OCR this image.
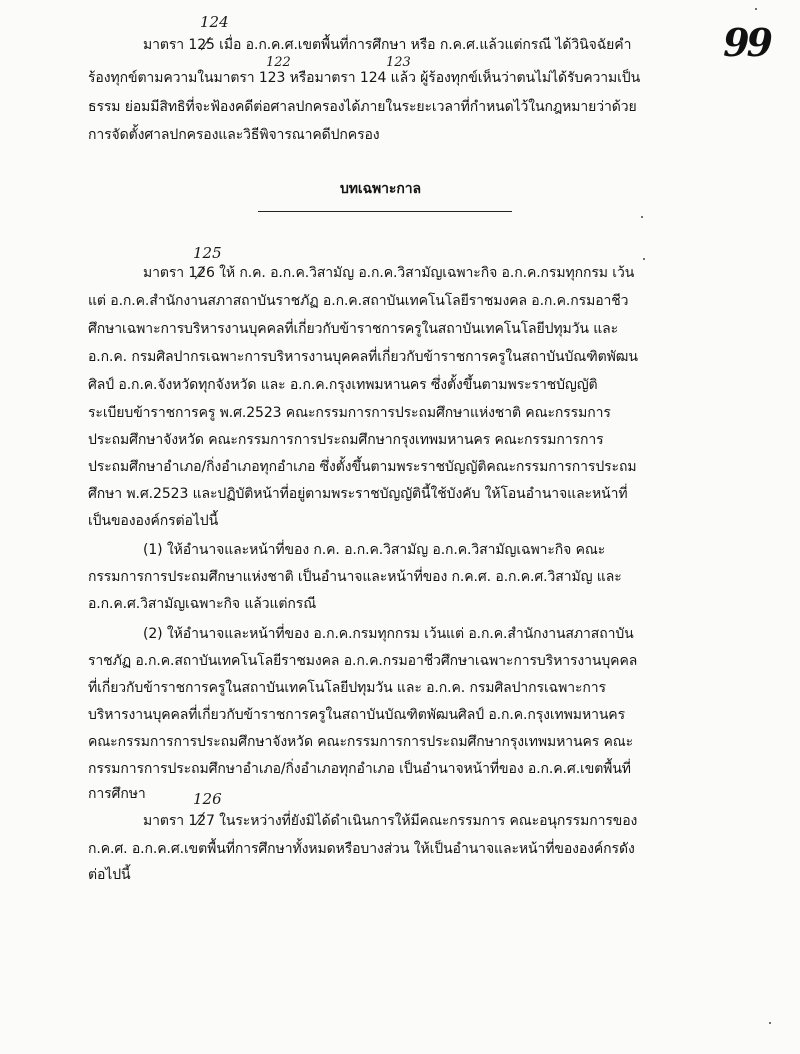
99
124
122	123
125
126
มาตรา 125 เมื่อ อ.ก.ค.ศ.เขตพื้นที่การศึกษา หรือ ก.ค.ศ.แล้วแต่กรณี ได้วินิจฉัยคำ
ร้องทุกข์ตามความในมาตรา 123 หรือมาตรา 124 แล้ว ผู้ร้องทุกข์เห็นว่าตนไม่ได้รับความเป็น
ธรรม ย่อมมีสิทธิที่จะฟ้องคดีต่อศาลปกครองได้ภายในระยะเวลาที่กำหนดไว้ในกฎหมายว่าด้วย
การจัดตั้งศาลปกครองและวิธีพิจารณาคดีปกครอง
บทเฉพาะกาล
มาตรา 126 ให้ ก.ค. อ.ก.ค.วิสามัญ อ.ก.ค.วิสามัญเฉพาะกิจ อ.ก.ค.กรมทุกกรม เว้น
แต่ อ.ก.ค.สำนักงานสภาสถาบันราชภัฏ อ.ก.ค.สถาบันเทคโนโลยีราชมงคล อ.ก.ค.กรมอาชีว
ศึกษาเฉพาะการบริหารงานบุคคลที่เกี่ยวกับข้าราชการครูในสถาบันเทคโนโลยีปทุมวัน และ
อ.ก.ค. กรมศิลปากรเฉพาะการบริหารงานบุคคลที่เกี่ยวกับข้าราชการครูในสถาบันบัณฑิตพัฒน
ศิลป์ อ.ก.ค.จังหวัดทุกจังหวัด และ อ.ก.ค.กรุงเทพมหานคร ซึ่งตั้งขึ้นตามพระราชบัญญัติ
ระเบียบข้าราชการครู พ.ศ.2523 คณะกรรมการการประถมศึกษาแห่งชาติ คณะกรรมการ
ประถมศึกษาจังหวัด คณะกรรมการการประถมศึกษากรุงเทพมหานคร คณะกรรมการการ
ประถมศึกษาอำเภอ/กิ่งอำเภอทุกอำเภอ ซึ่งตั้งขึ้นตามพระราชบัญญัติคณะกรรมการการประถม
ศึกษา พ.ศ.2523 และปฏิบัติหน้าที่อยู่ตามพระราชบัญญัตินี้ใช้บังคับ ให้โอนอำนาจและหน้าที่
เป็นขององค์กรต่อไปนี้
(1) ให้อำนาจและหน้าที่ของ ก.ค. อ.ก.ค.วิสามัญ อ.ก.ค.วิสามัญเฉพาะกิจ คณะ
กรรมการการประถมศึกษาแห่งชาติ เป็นอำนาจและหน้าที่ของ ก.ค.ศ. อ.ก.ค.ศ.วิสามัญ และ
อ.ก.ค.ศ.วิสามัญเฉพาะกิจ แล้วแต่กรณี
(2) ให้อำนาจและหน้าที่ของ อ.ก.ค.กรมทุกกรม เว้นแต่ อ.ก.ค.สำนักงานสภาสถาบัน
ราชภัฏ อ.ก.ค.สถาบันเทคโนโลยีราชมงคล อ.ก.ค.กรมอาชีวศึกษาเฉพาะการบริหารงานบุคคล
ที่เกี่ยวกับข้าราชการครูในสถาบันเทคโนโลยีปทุมวัน และ อ.ก.ค. กรมศิลปากรเฉพาะการ
บริหารงานบุคคลที่เกี่ยวกับข้าราชการครูในสถาบันบัณฑิตพัฒนศิลป์ อ.ก.ค.กรุงเทพมหานคร
คณะกรรมการการประถมศึกษาจังหวัด คณะกรรมการการประถมศึกษากรุงเทพมหานคร คณะ
กรรมการการประถมศึกษาอำเภอ/กิ่งอำเภอทุกอำเภอ เป็นอำนาจหน้าที่ของ อ.ก.ค.ศ.เขตพื้นที่
การศึกษา
มาตรา 127 ในระหว่างที่ยังมิได้ดำเนินการให้มีคณะกรรมการ คณะอนุกรรมการของ
ก.ค.ศ. อ.ก.ค.ศ.เขตพื้นที่การศึกษาทั้งหมดหรือบางส่วน ให้เป็นอำนาจและหน้าที่ขององค์กรดัง
ต่อไปนี้
